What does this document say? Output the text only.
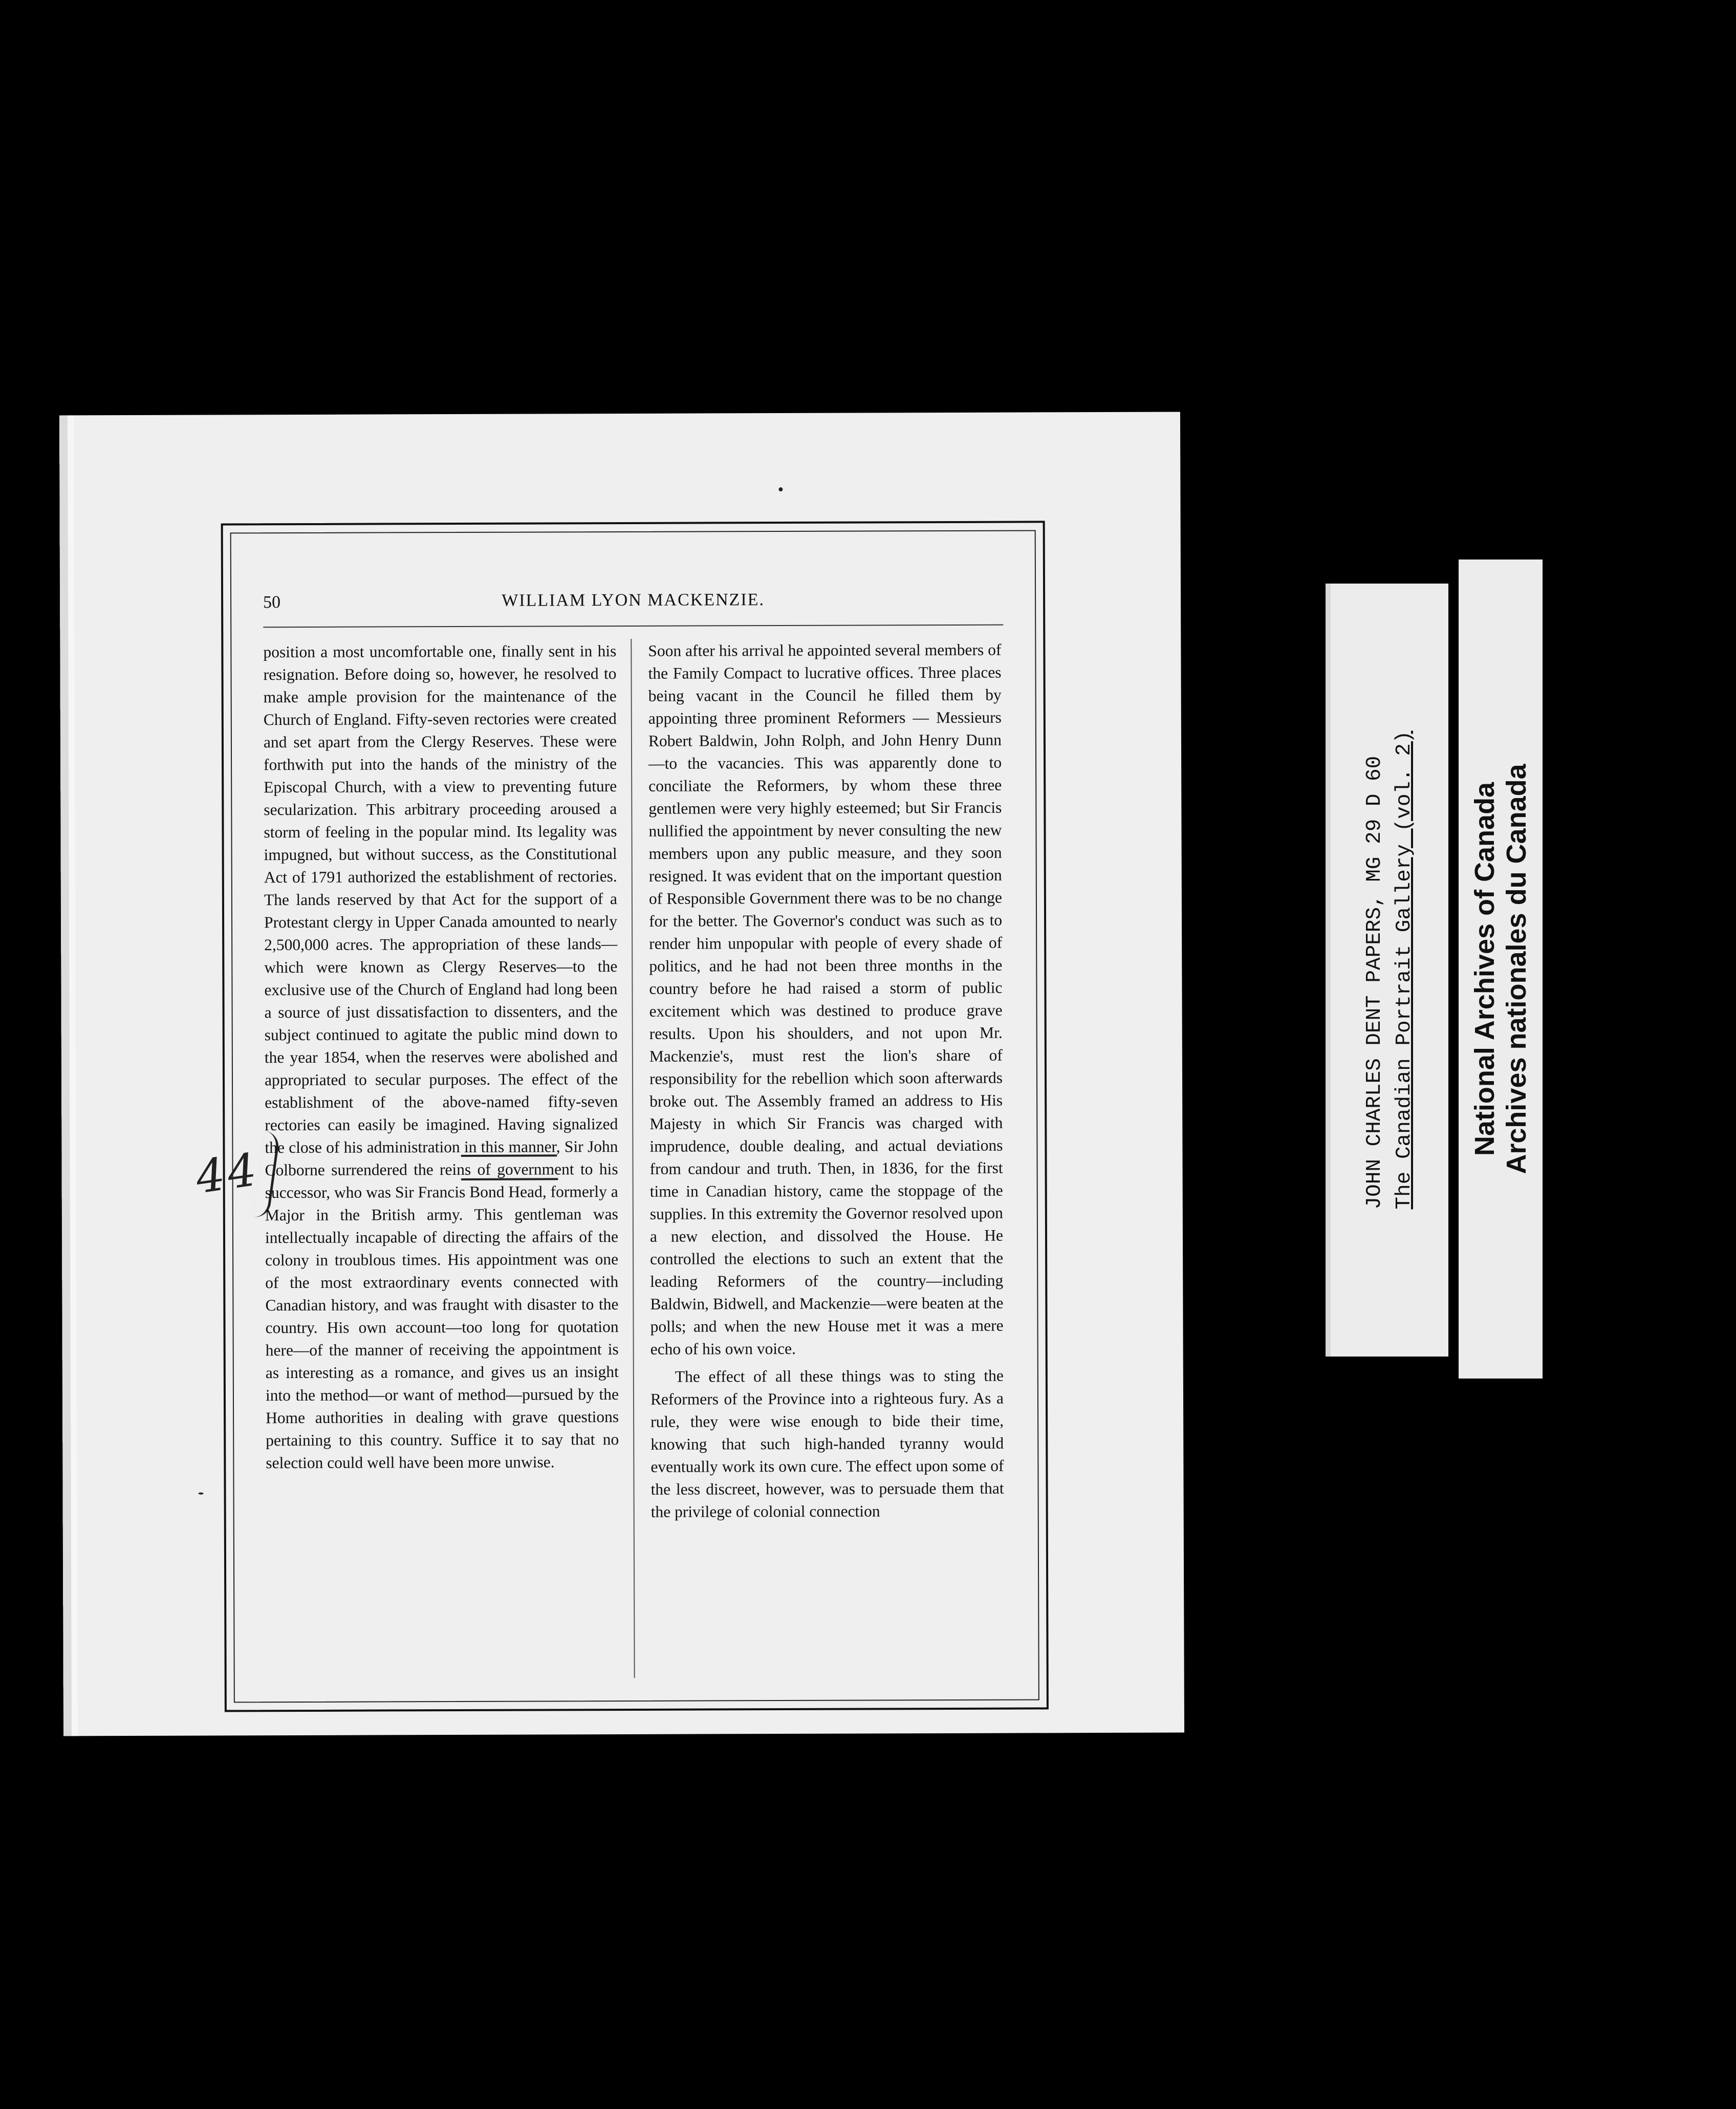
44
50	WILLIAM LYON MACKENZIE.

position a most uncomfortable one, finally sent in his resignation. Before doing so, however, he resolved to make ample provision for the maintenance of the Church of England. Fifty-seven rectories were created and set apart from the Clergy Reserves. These were forthwith put into the hands of the ministry of the Episcopal Church, with a view to preventing future secularization. This arbitrary proceeding aroused a storm of feeling in the popular mind. Its legality was impugned, but without success, as the Constitutional Act of 1791 authorized the establishment of rectories. The lands reserved by that Act for the support of a Protestant clergy in Upper Canada amounted to nearly 2,500,000 acres. The appropriation of these lands—which were known as Clergy Reserves—to the exclusive use of the Church of England had long been a source of just dissatisfaction to dissenters, and the subject continued to agitate the public mind down to the year 1854, when the reserves were abolished and appropriated to secular purposes. The effect of the establishment of the above-named fifty-seven rectories can easily be imagined. Having signalized the close of his administration in this manner, Sir John Colborne surrendered the reins of government to his successor, who was Sir Francis Bond Head, formerly a Major in the British army. This gentleman was intellectually incapable of directing the affairs of the colony in troublous times. His appointment was one of the most extraordinary events connected with Canadian history, and was fraught with disaster to the country. His own account—too long for quotation here—of the manner of receiving the appointment is as interesting as a romance, and gives us an insight into the method—or want of method—pursued by the Home authorities in dealing with grave questions pertaining to this country. Suffice it to say that no selection could well have been more unwise.

Soon after his arrival he appointed several members of the Family Compact to lucrative offices. Three places being vacant in the Council he filled them by appointing three prominent Reformers — Messieurs Robert Baldwin, John Rolph, and John Henry Dunn —to the vacancies. This was apparently done to conciliate the Reformers, by whom these three gentlemen were very highly esteemed; but Sir Francis nullified the appointment by never consulting the new members upon any public measure, and they soon resigned. It was evident that on the important question of Responsible Government there was to be no change for the better. The Governor's conduct was such as to render him unpopular with people of every shade of politics, and he had not been three months in the country before he had raised a storm of public excitement which was destined to produce grave results. Upon his shoulders, and not upon Mr. Mackenzie's, must rest the lion's share of responsibility for the rebellion which soon afterwards broke out. The Assembly framed an address to His Majesty in which Sir Francis was charged with imprudence, double dealing, and actual deviations from candour and truth. Then, in 1836, for the first time in Canadian history, came the stoppage of the supplies. In this extremity the Governor resolved upon a new election, and dissolved the House. He controlled the elections to such an extent that the leading Reformers of the country—including Baldwin, Bidwell, and Mackenzie—were beaten at the polls; and when the new House met it was a mere echo of his own voice.

The effect of all these things was to sting the Reformers of the Province into a righteous fury. As a rule, they were wise enough to bide their time, knowing that such high-handed tyranny would eventually work its own cure. The effect upon some of the less discreet, however, was to persuade them that the privilege of colonial connection

JOHN CHARLES DENT PAPERS, MG 29 D 60 The Canadian Portrait Gallery (vol. 2) National Archives of Canada Archives nationales du Canada
